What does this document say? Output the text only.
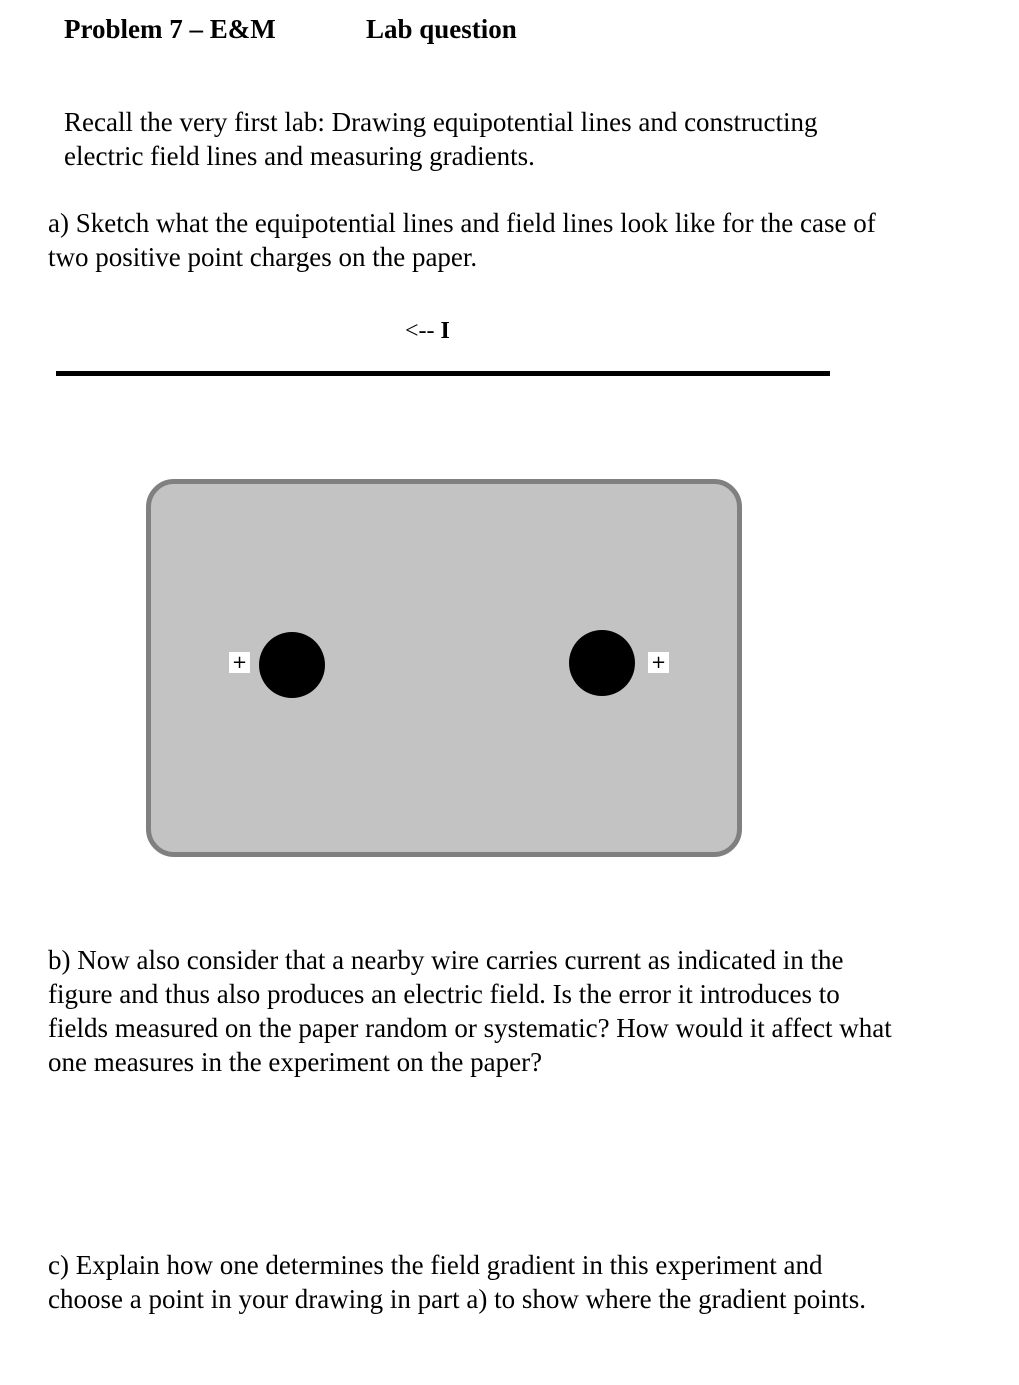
Problem 7 – E&M	Lab question
Recall the very first lab: Drawing equipotential lines and constructing
electric field lines and measuring gradients.
a) Sketch what the equipotential lines and field lines look like for the case of
two positive point charges on the paper.
<-- I
+	+
b) Now also consider that a nearby wire carries current as indicated in the
figure and thus also produces an electric field. Is the error it introduces to
fields measured on the paper random or systematic? How would it affect what
one measures in the experiment on the paper?
c) Explain how one determines the field gradient in this experiment and
choose a point in your drawing in part a) to show where the gradient points.
